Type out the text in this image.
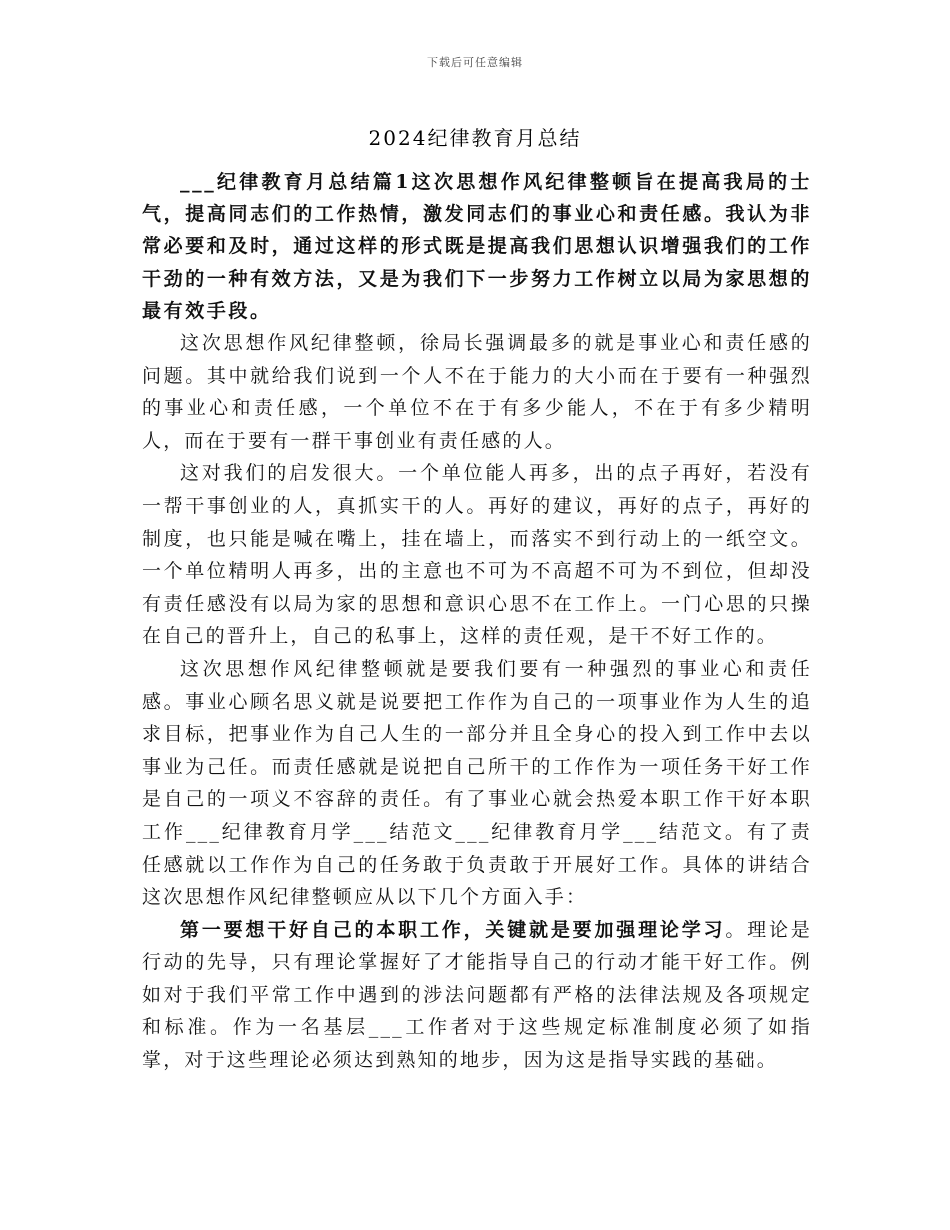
下载后可任意编辑
2024纪律教育月总结

___纪律教育月总结篇1这次思想作风纪律整顿旨在提高我局的士气，提高同志们的工作热情，激发同志们的事业心和责任感。我认为非常必要和及时，通过这样的形式既是提高我们思想认识增强我们的工作干劲的一种有效方法，又是为我们下一步努力工作树立以局为家思想的最有效手段。

这次思想作风纪律整顿，徐局长强调最多的就是事业心和责任感的问题。其中就给我们说到一个人不在于能力的大小而在于要有一种强烈的事业心和责任感，一个单位不在于有多少能人，不在于有多少精明人，而在于要有一群干事创业有责任感的人。

这对我们的启发很大。一个单位能人再多，出的点子再好，若没有一帮干事创业的人，真抓实干的人。再好的建议，再好的点子，再好的制度，也只能是喊在嘴上，挂在墙上，而落实不到行动上的一纸空文。一个单位精明人再多，出的主意也不可为不高超不可为不到位，但却没有责任感没有以局为家的思想和意识心思不在工作上。一门心思的只操在自己的晋升上，自己的私事上，这样的责任观，是干不好工作的。

这次思想作风纪律整顿就是要我们要有一种强烈的事业心和责任感。事业心顾名思义就是说要把工作作为自己的一项事业作为人生的追求目标，把事业作为自己人生的一部分并且全身心的投入到工作中去以事业为己任。而责任感就是说把自己所干的工作作为一项任务干好工作是自己的一项义不容辞的责任。有了事业心就会热爱本职工作干好本职工作___纪律教育月学___结范文___纪律教育月学___结范文。有了责任感就以工作作为自己的任务敢于负责敢于开展好工作。具体的讲结合这次思想作风纪律整顿应从以下几个方面入手：

第一要想干好自己的本职工作，关键就是要加强理论学习。理论是行动的先导，只有理论掌握好了才能指导自己的行动才能干好工作。例如对于我们平常工作中遇到的涉法问题都有严格的法律法规及各项规定和标准。作为一名基层___工作者对于这些规定标准制度必须了如指掌，对于这些理论必须达到熟知的地步，因为这是指导实践的基础。
